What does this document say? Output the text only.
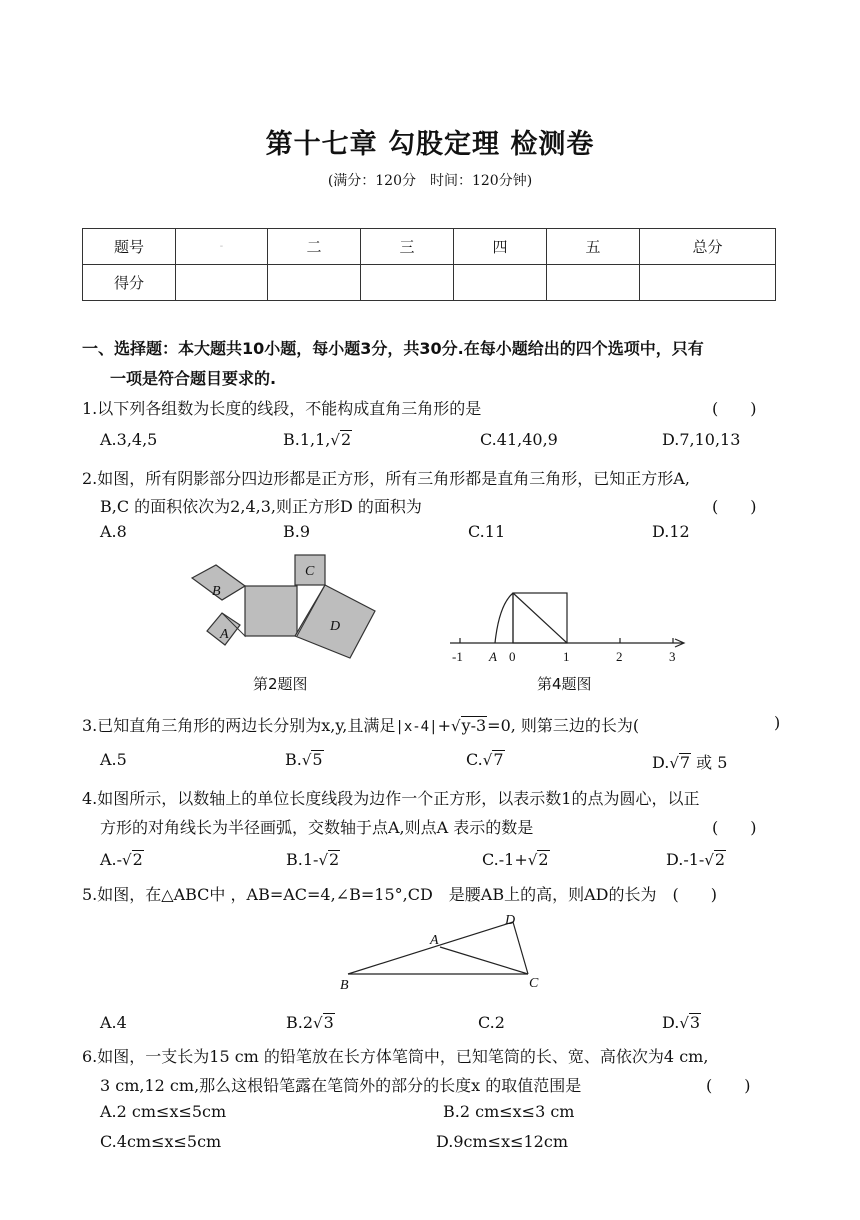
第十七章 勾股定理 检测卷
(满分：120分　时间：120分钟)
题号	-	二	三	四	五	总分
得分						
一、选择题：本大题共10小题，每小题3分，共30分.在每小题给出的四个选项中，只有
一项是符合题目要求的.
1.以下列各组数为长度的线段，不能构成直角三角形的是	(　　)
A.3,4,5	B.1,1,√2	C.41,40,9	D.7,10,13
2.如图，所有阴影部分四边形都是正方形，所有三角形都是直角三角形，已知正方形A,
B,C 的面积依次为2,4,3,则正方形D 的面积为	(　　)
A.8	B.9	C.11	D.12
B
C
A
D
第2题图
-1 A 0	1	2	3
第4题图
3.已知直角三角形的两边长分别为x,y,且满足|x-4|+√y-3=0, 则第三边的长为(	)
A.5	B.√5	C.√7	D.√7 或 5
4.如图所示，以数轴上的单位长度线段为边作一个正方形，以表示数1的点为圆心，以正
方形的对角线长为半径画弧，交数轴于点A,则点A 表示的数是	(　　)
A.-√2	B.1-√2	C.-1+√2	D.-1-√2
5.如图，在△ABC中 ，AB=AC=4,∠B=15°,CD　是腰AB上的高，则AD的长为　(　　)
A
B	C
D
A.4	B.2√3	C.2	D.√3
6.如图，一支长为15 cm 的铅笔放在长方体笔筒中，已知笔筒的长、宽、高依次为4 cm,
3 cm,12 cm,那么这根铅笔露在笔筒外的部分的长度x 的取值范围是	(　　)
A.2 cm≤x≤5cm	B.2 cm≤x≤3 cm
C.4cm≤x≤5cm	D.9cm≤x≤12cm
